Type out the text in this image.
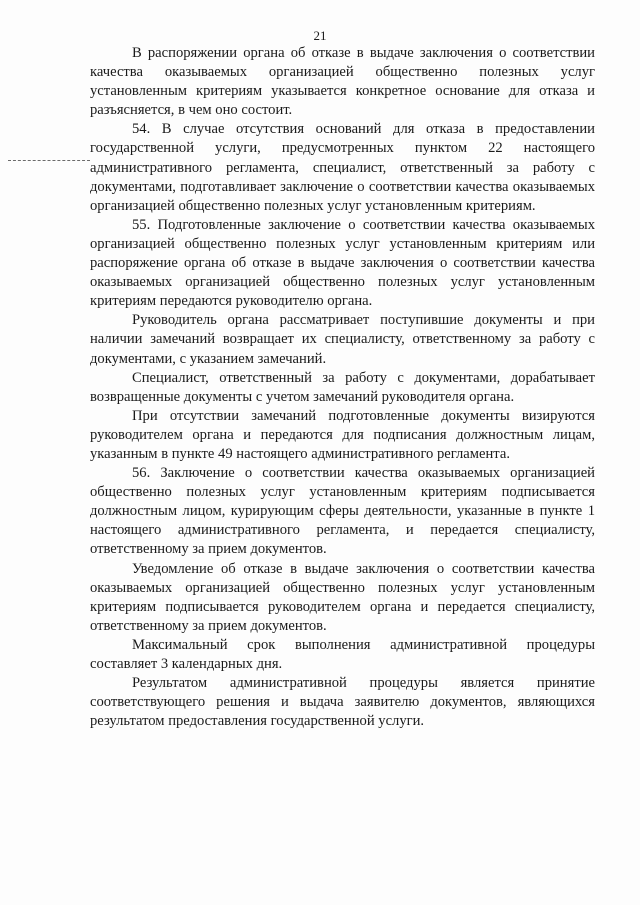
21

В распоряжении органа об отказе в выдаче заключения о соответствии качества оказываемых организацией общественно полезных услуг установленным критериям указывается конкретное основание для отказа и разъясняется, в чем оно состоит.

54. В случае отсутствия оснований для отказа в предоставлении государственной услуги, предусмотренных пунктом 22 настоящего административного регламента, специалист, ответственный за работу с документами, подготавливает заключение о соответствии качества оказываемых организацией общественно полезных услуг установленным критериям.

55. Подготовленные заключение о соответствии качества оказываемых организацией общественно полезных услуг установленным критериям или распоряжение органа об отказе в выдаче заключения о соответствии качества оказываемых организацией общественно полезных услуг установленным критериям передаются руководителю органа.

Руководитель органа рассматривает поступившие документы и при наличии замечаний возвращает их специалисту, ответственному за работу с документами, с указанием замечаний.

Специалист, ответственный за работу с документами, дорабатывает возвращенные документы с учетом замечаний руководителя органа.

При отсутствии замечаний подготовленные документы визируются руководителем органа и передаются для подписания должностным лицам, указанным в пункте 49 настоящего административного регламента.

56. Заключение о соответствии качества оказываемых организацией общественно полезных услуг установленным критериям подписывается должностным лицом, курирующим сферы деятельности, указанные в пункте 1 настоящего административного регламента, и передается специалисту, ответственному за прием документов.

Уведомление об отказе в выдаче заключения о соответствии качества оказываемых организацией общественно полезных услуг установленным критериям подписывается руководителем органа и передается специалисту, ответственному за прием документов.

Максимальный срок выполнения административной процедуры составляет 3 календарных дня.

Результатом административной процедуры является принятие соответствующего решения и выдача заявителю документов, являющихся результатом предоставления государственной услуги.
